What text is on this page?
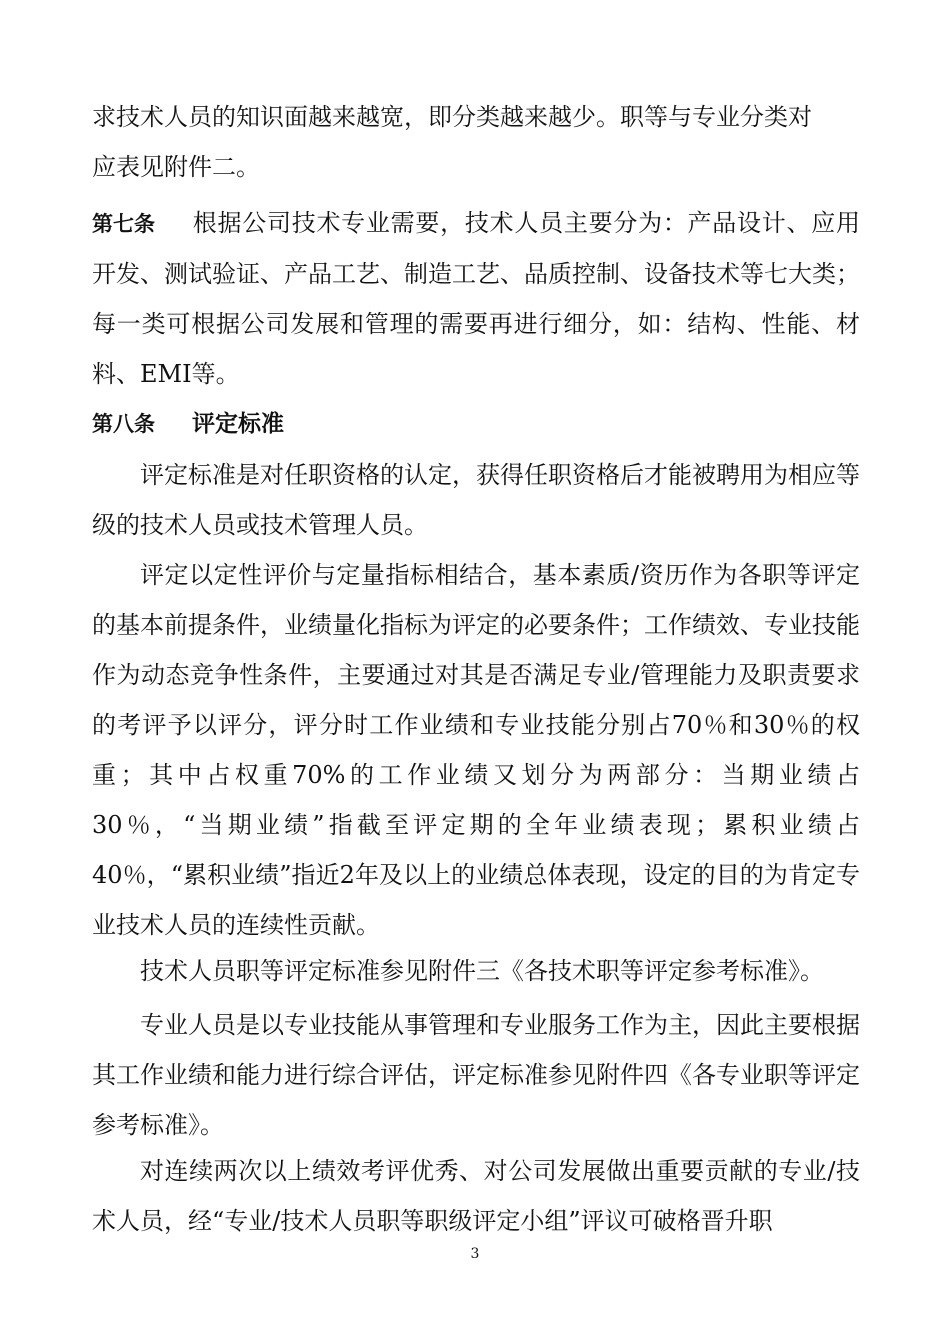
求技术人员的知识面越来越宽，即分类越来越少。职等与专业分类对

应表见附件二。

第七条 根据公司技术专业需要，技术人员主要分为：产品设计、应用开发、测试验证、产品工艺、制造工艺、品质控制、设备技术等七大类；每一类可根据公司发展和管理的需要再进行细分，如：结构、性能、材料、EMI等。

第八条 评定标准

评定标准是对任职资格的认定，获得任职资格后才能被聘用为相应等级的技术人员或技术管理人员。

评定以定性评价与定量指标相结合，基本素质/资历作为各职等评定的基本前提条件，业绩量化指标为评定的必要条件；工作绩效、专业技能作为动态竞争性条件，主要通过对其是否满足专业/管理能力及职责要求的考评予以评分，评分时工作业绩和专业技能分别占70％和30％的权重；其中占权重70%的工作业绩又划分为两部分：当期业绩占30％，“当期业绩”指截至评定期的全年业绩表现；累积业绩占40％，“累积业绩”指近2年及以上的业绩总体表现，设定的目的为肯定专业技术人员的连续性贡献。

技术人员职等评定标准参见附件三《各技术职等评定参考标准》。

专业人员是以专业技能从事管理和专业服务工作为主，因此主要根据其工作业绩和能力进行综合评估，评定标准参见附件四《各专业职等评定参考标准》。

对连续两次以上绩效考评优秀、对公司发展做出重要贡献的专业/技术人员，经“专业/技术人员职等职级评定小组”评议可破格晋升职

3
